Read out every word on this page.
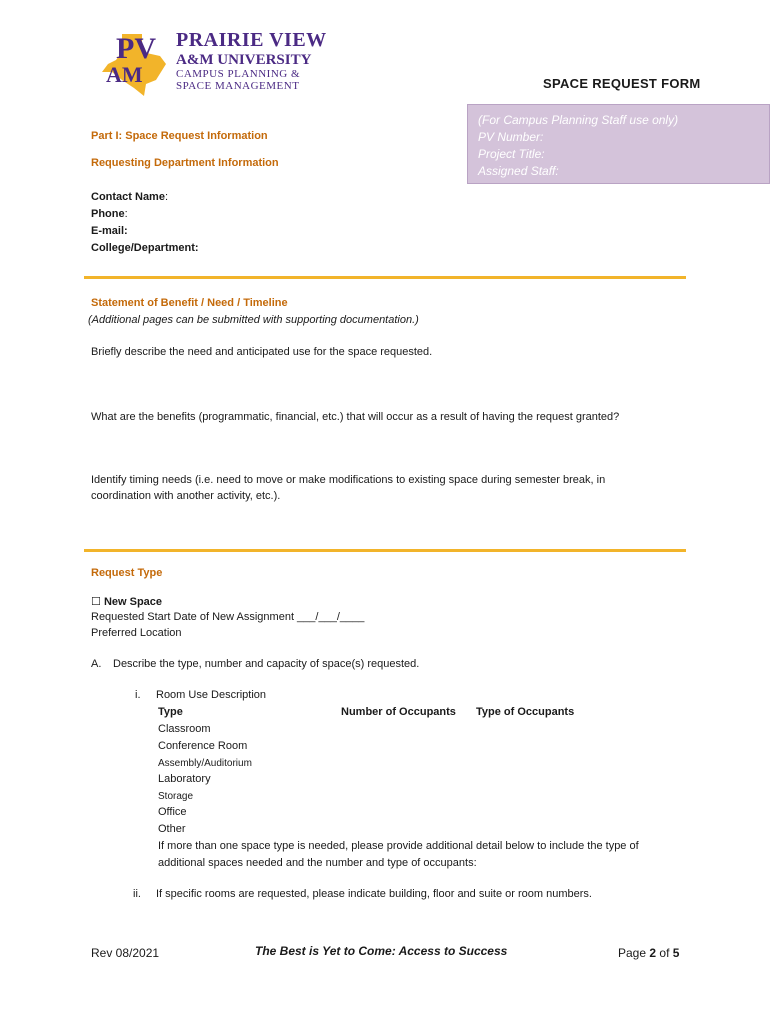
PV
AM
PRAIRIE VIEW
A&M UNIVERSITY
CAMPUS PLANNING &
SPACE MANAGEMENT	SPACE REQUEST FORM
(For Campus Planning Staff use only)
PV Number:
Project Title:
Assigned Staff:
Part I: Space Request Information
Requesting Department Information
Contact Name:
Phone:
E-mail:
College/Department:
Statement of Benefit / Need / Timeline
(Additional pages can be submitted with supporting documentation.)
Briefly describe the need and anticipated use for the space requested.
What are the benefits (programmatic, financial, etc.) that will occur as a result of having the request granted?
Identify timing needs (i.e. need to move or make modifications to existing space during semester break, in
coordination with another activity, etc.).
Request Type
☐ New Space
Requested Start Date of New Assignment ___/___/____
Preferred Location
A. Describe the type, number and capacity of space(s) requested.
i. Room Use Description
Type	Number of Occupants Type of Occupants
Classroom
Conference Room
Assembly/Auditorium
Laboratory
Storage
Office
Other
If more than one space type is needed, please provide additional detail below to include the type of
additional spaces needed and the number and type of occupants:
ii. If specific rooms are requested, please indicate building, floor and suite or room numbers.
Rev 08/2021	The Best is Yet to Come: Access to Success	Page 2 of 5
